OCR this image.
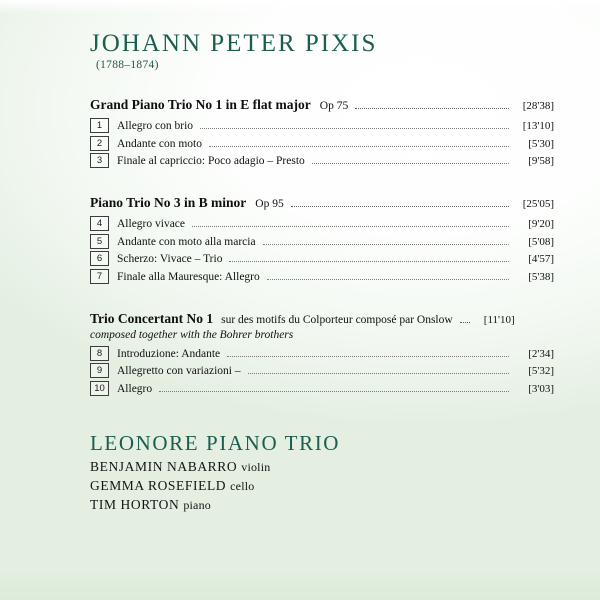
JOHANN PETER PIXIS
(1788–1874)
Grand Piano Trio No 1 in E flat major Op 75	[28'38]
1	Allegro con brio	[13'10]
2	Andante con moto	[5'30]
3	Finale al capriccio: Poco adagio – Presto	[9'58]
Piano Trio No 3 in B minor Op 95	[25'05]
4	Allegro vivace	[9'20]
5	Andante con moto alla marcia	[5'08]
6	Scherzo: Vivace – Trio	[4'57]
7	Finale alla Mauresque: Allegro	[5'38]
Trio Concertant No 1 sur des motifs du Colporteur composé par Onslow	[11'10]
composed together with the Bohrer brothers
8	Introduzione: Andante	[2'34]
9	Allegretto con variazioni –	[5'32]
10	Allegro	[3'03]
LEONORE PIANO TRIO
BENJAMIN NABARRO violin
GEMMA ROSEFIELD cello
TIM HORTON piano
